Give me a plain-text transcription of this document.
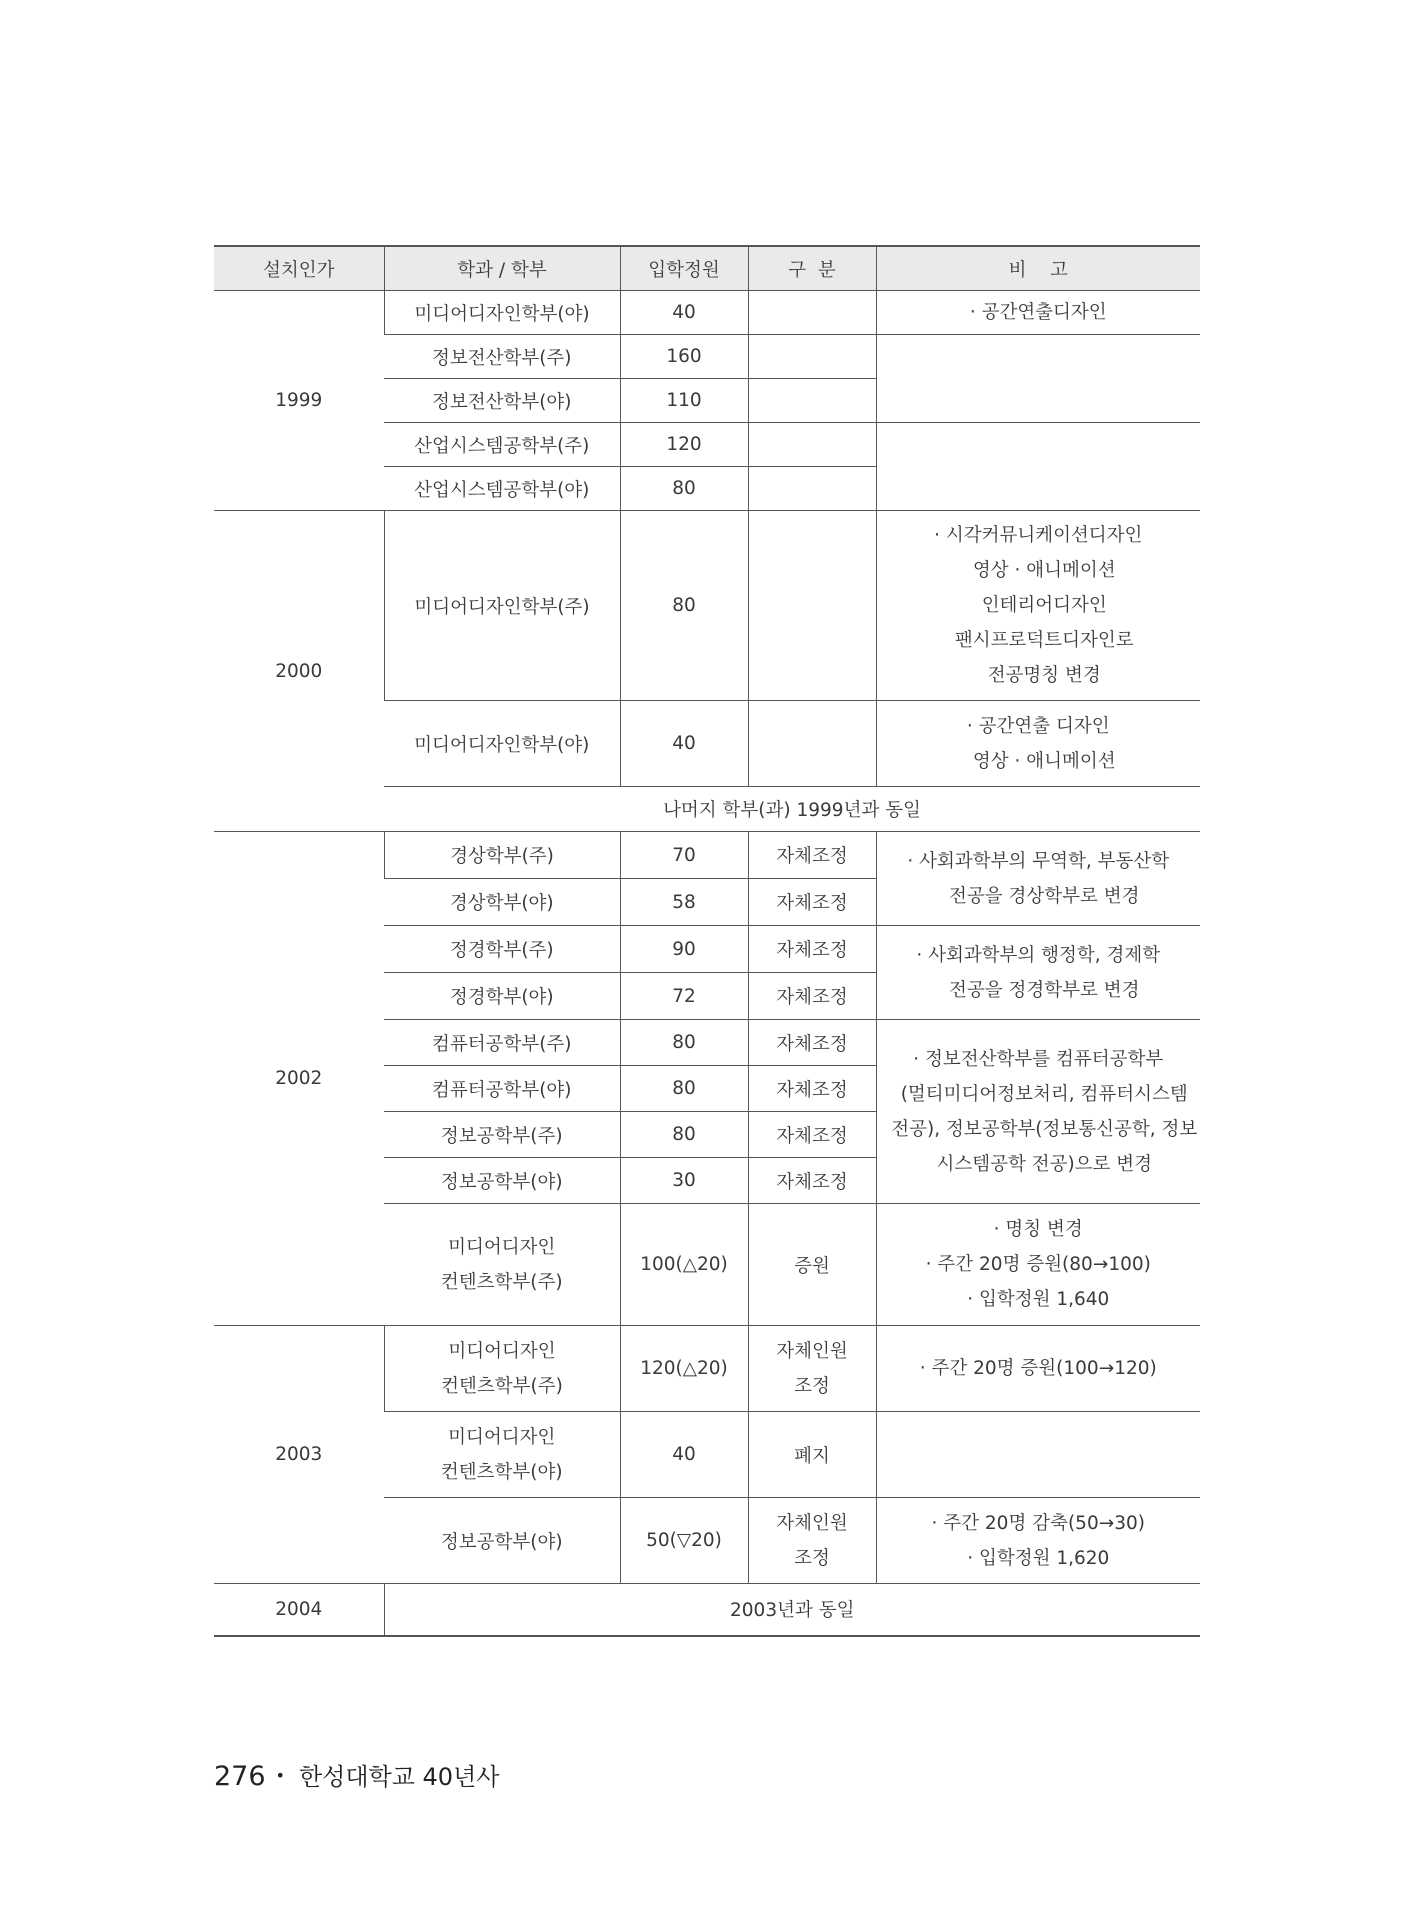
설치인가	학과 / 학부	입학정원	구  분	비    고
1999	미디어디자인학부(야)	40		· 공간연출디자인

	정보전산학부(주)	160		
	정보전산학부(야)	110		
	산업시스템공학부(주)	120		
	산업시스템공학부(야)	80		
2000	미디어디자인학부(주)	80		· 시각커뮤니케이션디자인
영상 · 애니메이션
인테리어디자인
팬시프로덕트디자인로
전공명칭 변경

	미디어디자인학부(야)	40		· 공간연출 디자인
영상 · 애니메이션

	나머지 학부(과) 1999년과 동일			
2002	경상학부(주)	70	자체조정	· 사회과학부의 무역학, 부동산학
전공을 경상학부로 변경

	경상학부(야)	58	자체조정	
	정경학부(주)	90	자체조정	· 사회과학부의 행정학, 경제학
전공을 정경학부로 변경

	정경학부(야)	72	자체조정	
	컴퓨터공학부(주)	80	자체조정	· 정보전산학부를 컴퓨터공학부
(멀티미디어정보처리, 컴퓨터시스템
전공), 정보공학부(정보통신공학, 정보
시스템공학 전공)으로 변경

	컴퓨터공학부(야)	80	자체조정	
	정보공학부(주)	80	자체조정	
	정보공학부(야)	30	자체조정	

	미디어디자인
컨텐츠학부(주)	100(△20)	증원	· 명칭 변경
· 주간 20명 증원(80→100)
· 입학정원 1,640

2003	미디어디자인
컨텐츠학부(주)	120(△20)	자체인원
조정	· 주간 20명 증원(100→120)

	미디어디자인
컨텐츠학부(야)	40	폐지	
	정보공학부(야)	50(▽20)	자체인원
조정	· 주간 20명 감축(50→30)
· 입학정원 1,620

2004	2003년과 동일			
276 • 한성대학교 40년사
